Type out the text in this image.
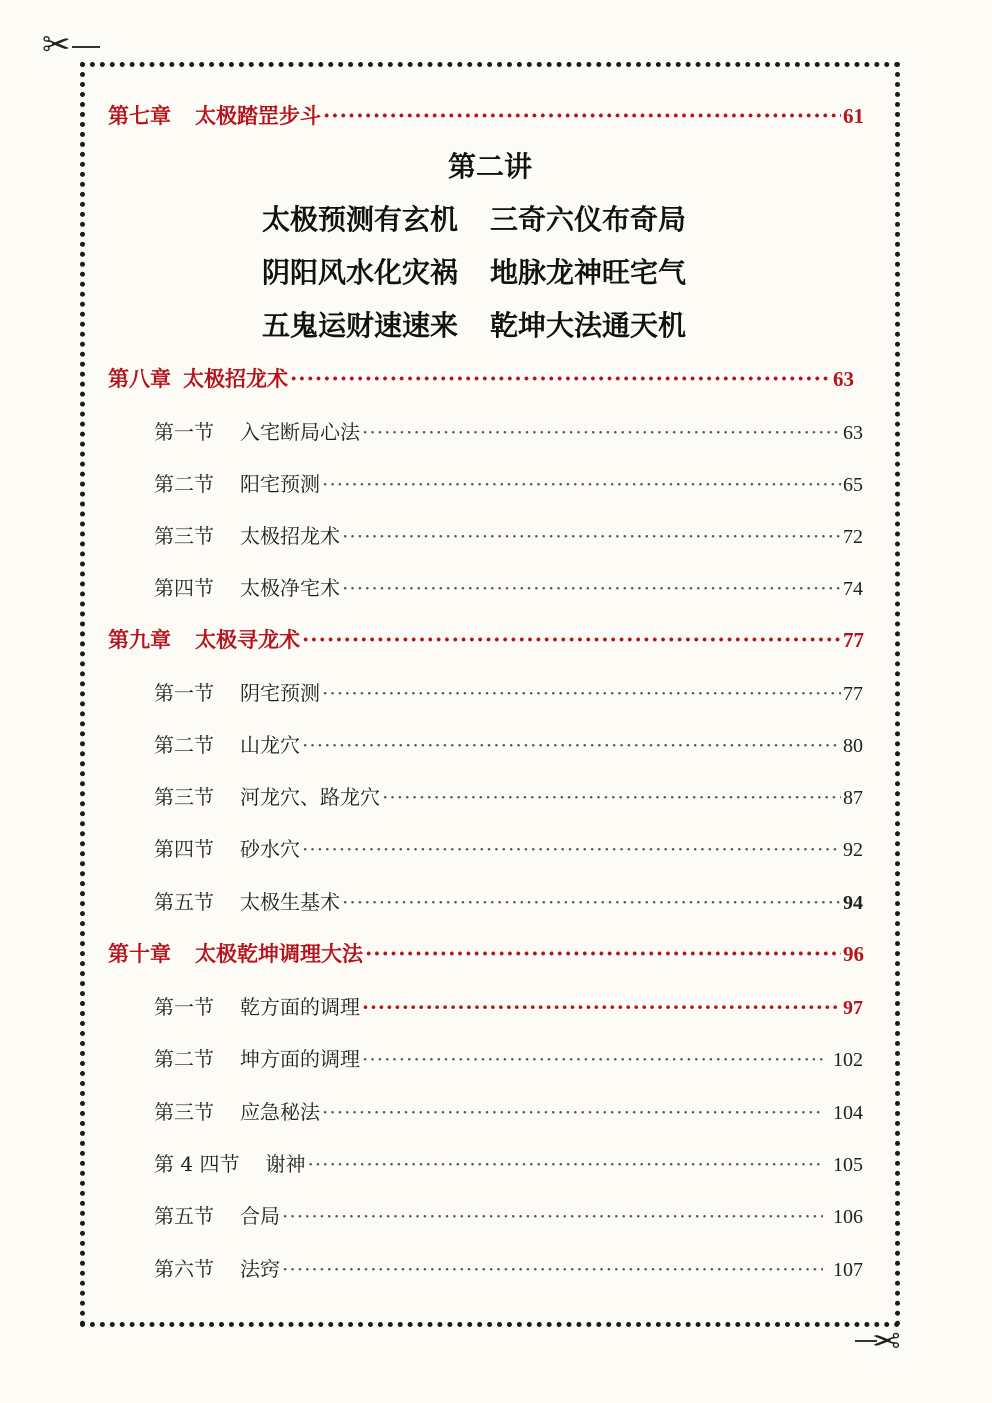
✂
✂
第七章 太极踏罡步斗 ·····	61
第二讲
太极预测有玄机 三奇六仪布奇局
阴阳风水化灾祸 地脉龙神旺宅气
五鬼运财速速来 乾坤大法通天机
第八章 太极招龙术 ·····	63
第一节 入宅断局心法 ·····	63
第二节 阳宅预测 ·····	65
第三节 太极招龙术 ·····	72
第四节 太极净宅术 ·····	74
第九章 太极寻龙术 ·····	77
第一节 阴宅预测 ·····	77
第二节 山龙穴 ·····	80
第三节 河龙穴、路龙穴 ·····	87
第四节 砂水穴 ·····	92
第五节 太极生基术 ·····	94
第十章 太极乾坤调理大法 ·····	96
第一节 乾方面的调理 ·····	97
第二节 坤方面的调理 ·····	102
第三节 应急秘法 ·····	104
第 4 四节 谢神 ·····	105
第五节 合局 ·····	106
第六节 法窍 ·····	107
